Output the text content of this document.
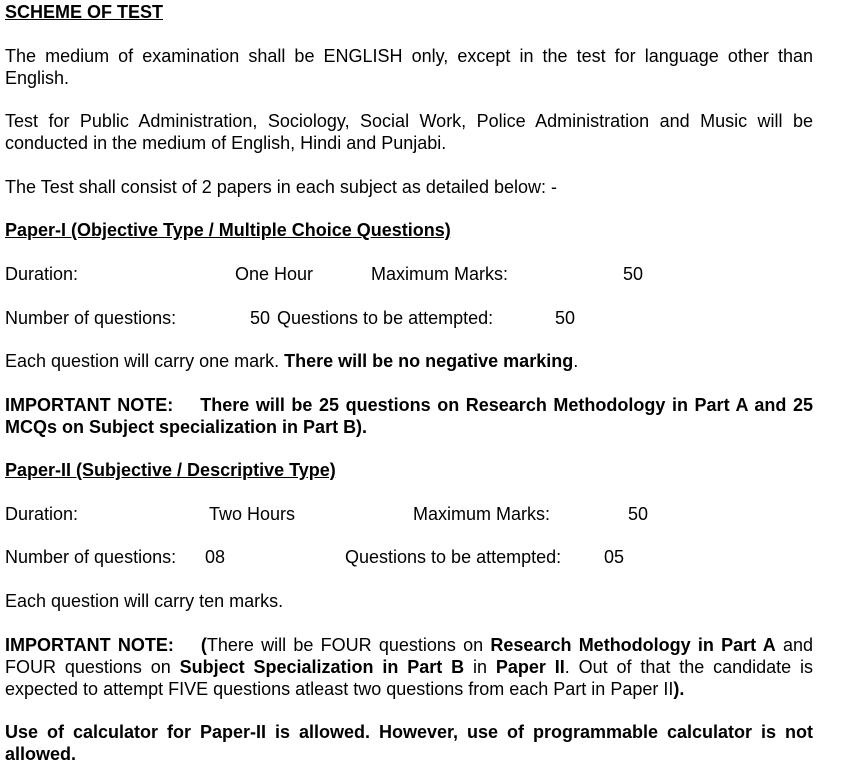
SCHEME OF TEST
The medium of examination shall be ENGLISH only, except in the test for language other than English.
Test for Public Administration, Sociology, Social Work, Police Administration and Music will be conducted in the medium of English, Hindi and Punjabi.
The Test shall consist of 2 papers in each subject as detailed below: -
Paper-I (Objective Type / Multiple Choice Questions)
Duration:	One Hour	Maximum Marks:	50
Number of questions:	50 Questions to be attempted:	50
Each question will carry one mark. There will be no negative marking.
IMPORTANT NOTE: There will be 25 questions on Research Methodology in Part A and 25 MCQs on Subject specialization in Part B).
Paper-II (Subjective / Descriptive Type)
Duration:	Two Hours	Maximum Marks:	50
Number of questions: 08	Questions to be attempted: 05
Each question will carry ten marks.
IMPORTANT NOTE: (There will be FOUR questions on Research Methodology in Part A and FOUR questions on Subject Specialization in Part B in Paper II. Out of that the candidate is expected to attempt FIVE questions atleast two questions from each Part in Paper II).
Use of calculator for Paper-II is allowed. However, use of programmable calculator is not allowed.
